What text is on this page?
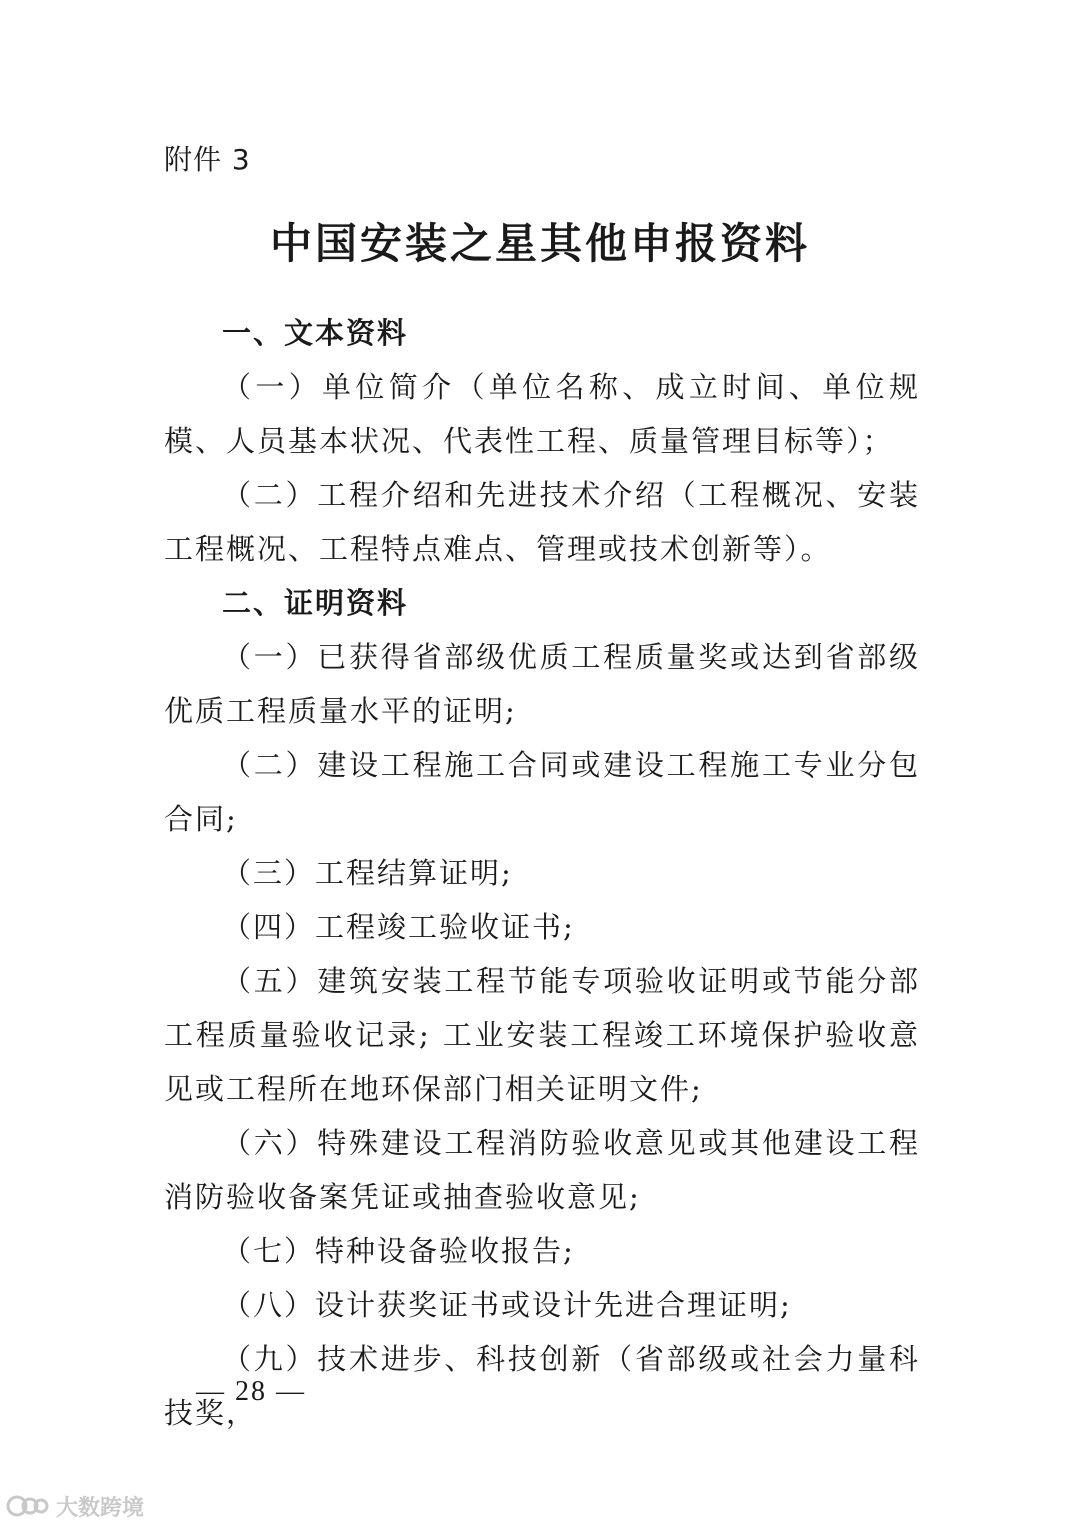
附件 3
中国安装之星其他申报资料

一、文本资料

（一）单位简介（单位名称、成立时间、单位规模、人员基本状况、代表性工程、质量管理目标等）；

（二）工程介绍和先进技术介绍（工程概况、安装工程概况、工程特点难点、管理或技术创新等）。

二、证明资料

（一）已获得省部级优质工程质量奖或达到省部级优质工程质量水平的证明;

（二）建设工程施工合同或建设工程施工专业分包合同;

（三）工程结算证明;

（四）工程竣工验收证书;

（五）建筑安装工程节能专项验收证明或节能分部工程质量验收记录; 工业安装工程竣工环境保护验收意见或工程所在地环保部门相关证明文件;

（六）特殊建设工程消防验收意见或其他建设工程消防验收备案凭证或抽查验收意见;

（七）特种设备验收报告;

（八）设计获奖证书或设计先进合理证明;

（九）技术进步、科技创新（省部级或社会力量科技奖，

— 28 —
大数跨境
